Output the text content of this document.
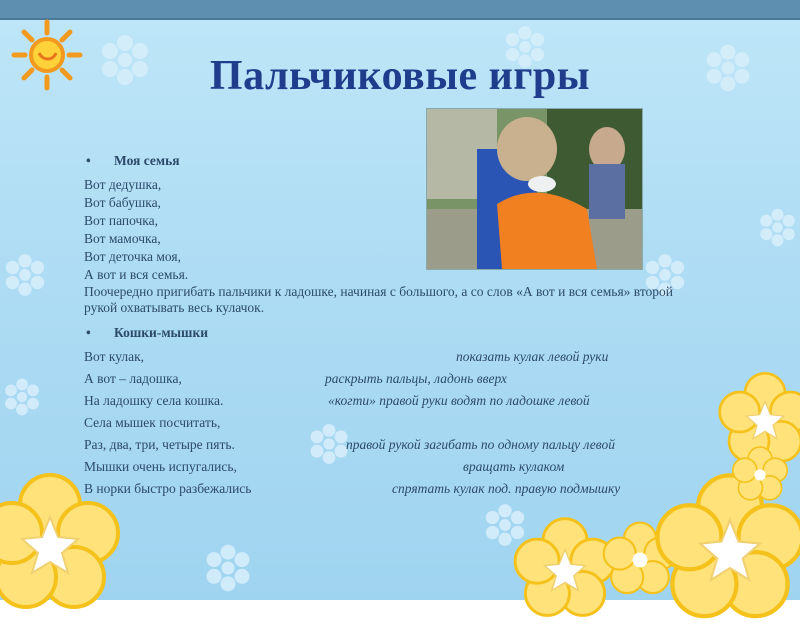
Пальчиковые игры
• Моя семья
Вот дедушка,
Вот бабушка,
Вот папочка,
Вот мамочка,
Вот деточка моя,
А вот и вся семья.
Поочередно пригибать пальчики к ладошке, начиная с большого, а со слов «А вот и вся семья» второй рукой охватывать весь кулачок.
• Кошки-мышки
Вот кулак,	показать кулак левой руки
А вот – ладошка,	раскрыть пальцы, ладонь вверх
На ладошку села кошка.	«когти» правой руки водят по ладошке левой
Села мышек посчитать,
Раз, два, три, четыре пять.	правой рукой загибать по одному пальцу левой
Мышки очень испугались,	вращать кулаком
В норки быстро разбежались	спрятать кулак под. правую подмышку
